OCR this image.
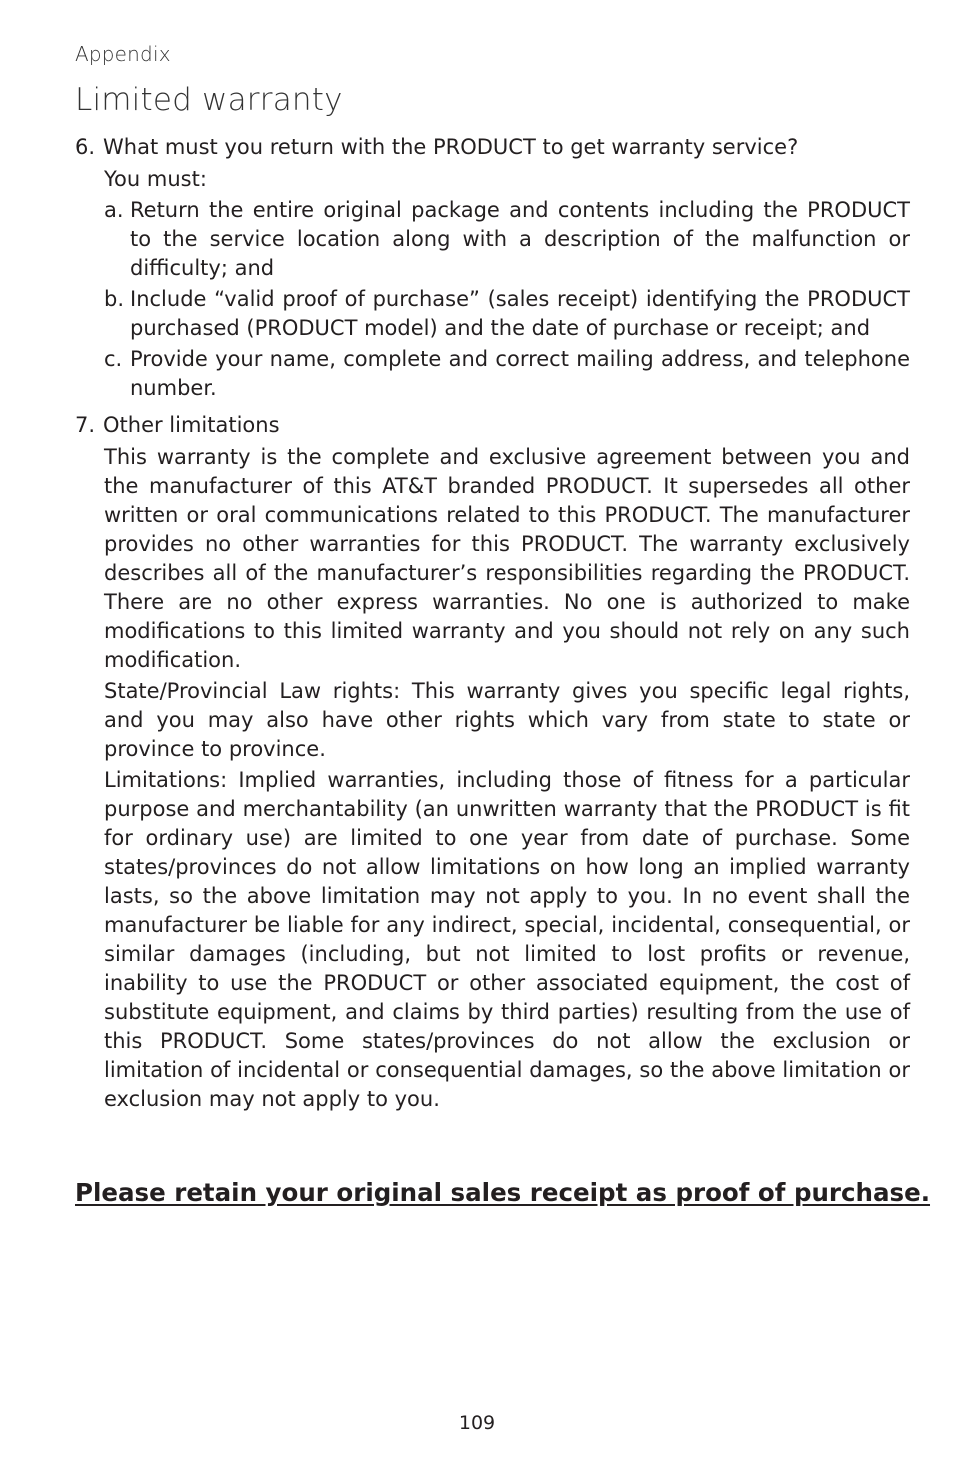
Appendix
Limited warranty
6. What must you return with the PRODUCT to get warranty service?
You must:
a. Return the entire original package and contents including the PRODUCT to the service location along with a description of the malfunction or difficulty; and
b. Include “valid proof of purchase” (sales receipt) identifying the PRODUCT purchased (PRODUCT model) and the date of purchase or receipt; and
c. Provide your name, complete and correct mailing address, and telephone number.
7. Other limitations

This warranty is the complete and exclusive agreement between you and the manufacturer of this AT&T branded PRODUCT. It supersedes all other written or oral communications related to this PRODUCT. The manufacturer provides no other warranties for this PRODUCT. The warranty exclusively describes all of the manufacturer’s responsibilities regarding the PRODUCT. There are no other express warranties. No one is authorized to make modifications to this limited warranty and you should not rely on any such modification.

State/Provincial Law rights: This warranty gives you specific legal rights, and you may also have other rights which vary from state to state or province to province.

Limitations: Implied warranties, including those of fitness for a particular purpose and merchantability (an unwritten warranty that the PRODUCT is fit for ordinary use) are limited to one year from date of purchase. Some states/provinces do not allow limitations on how long an implied warranty lasts, so the above limitation may not apply to you. In no event shall the manufacturer be liable for any indirect, special, incidental, consequential, or similar damages (including, but not limited to lost profits or revenue, inability to use the PRODUCT or other associated equipment, the cost of substitute equipment, and claims by third parties) resulting from the use of this PRODUCT. Some states/provinces do not allow the exclusion or limitation of incidental or consequential damages, so the above limitation or exclusion may not apply to you.

Please retain your original sales receipt as proof of purchase.
109
